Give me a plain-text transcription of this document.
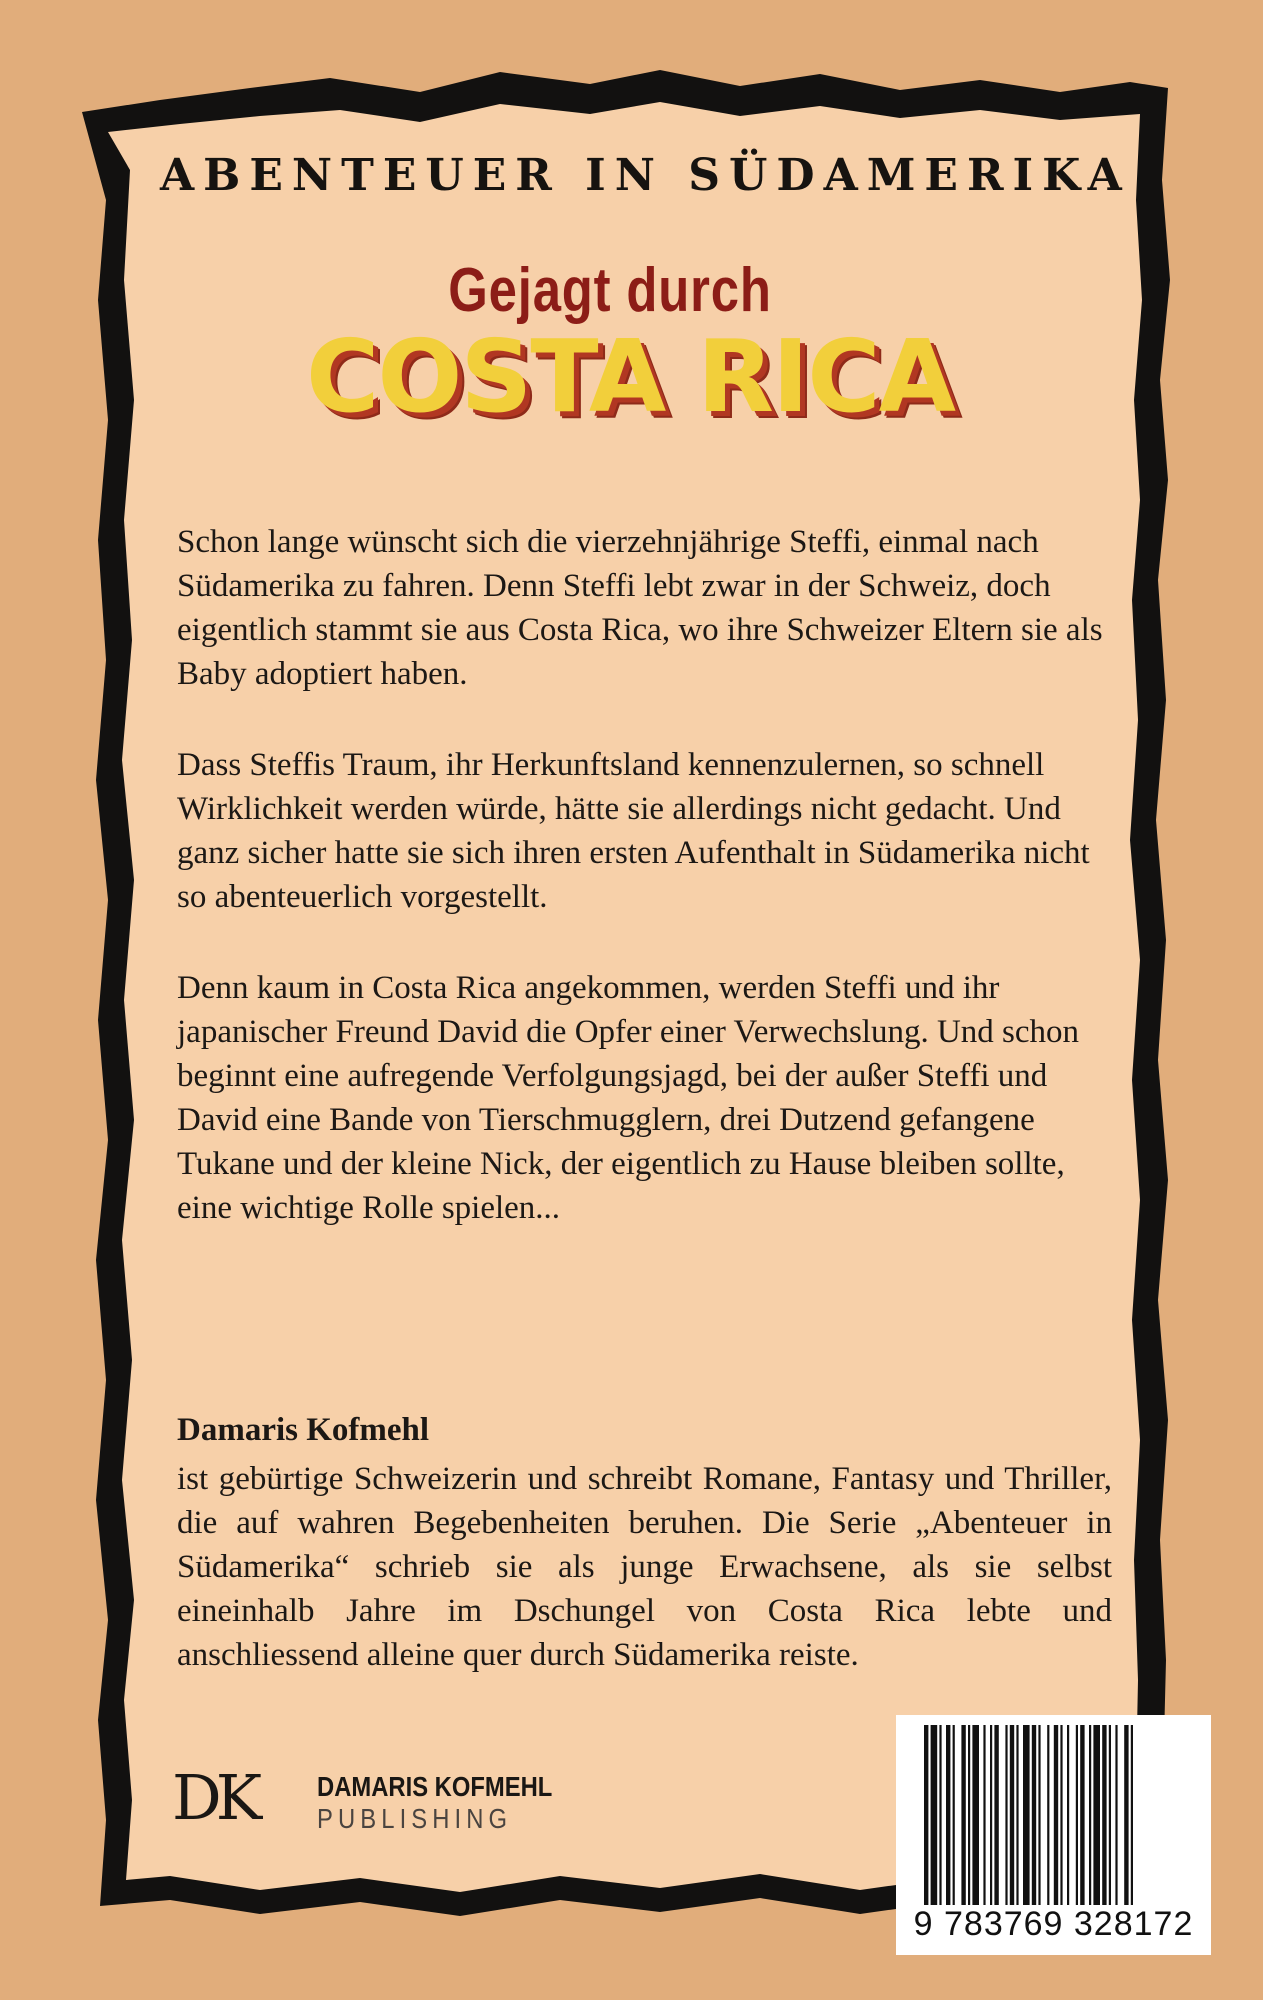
ABENTEUER IN SÜDAMERIKA
Gejagt durch
COSTA RICA

Schon lange wünscht sich die vierzehnjährige Steffi, einmal nach Südamerika zu fahren. Denn Steffi lebt zwar in der Schweiz, doch eigentlich stammt sie aus Costa Rica, wo ihre Schweizer Eltern sie als Baby adoptiert haben.

Dass Steffis Traum, ihr Herkunftsland kennenzulernen, so schnell Wirklichkeit werden würde, hätte sie allerdings nicht gedacht. Und ganz sicher hatte sie sich ihren ersten Aufenthalt in Südamerika nicht so abenteuerlich vorgestellt.

Denn kaum in Costa Rica angekommen, werden Steffi und ihr japanischer Freund David die Opfer einer Verwechslung. Und schon beginnt eine aufregende Verfolgungsjagd, bei der außer Steffi und David eine Bande von Tierschmugglern, drei Dutzend gefangene Tukane und der kleine Nick, der eigentlich zu Hause bleiben sollte, eine wichtige Rolle spielen...

Damaris Kofmehl
ist gebürtige Schweizerin und schreibt Romane, Fantasy und Thriller, die auf wahren Begebenheiten beruhen. Die Serie „Abenteuer in Südamerika“ schrieb sie als junge Erwachsene, als sie selbst eineinhalb Jahre im Dschungel von Costa Rica lebte und anschliessend alleine quer durch Südamerika reiste.
DK DAMARIS KOFMEHL
PUBLISHING
9 783769 328172
